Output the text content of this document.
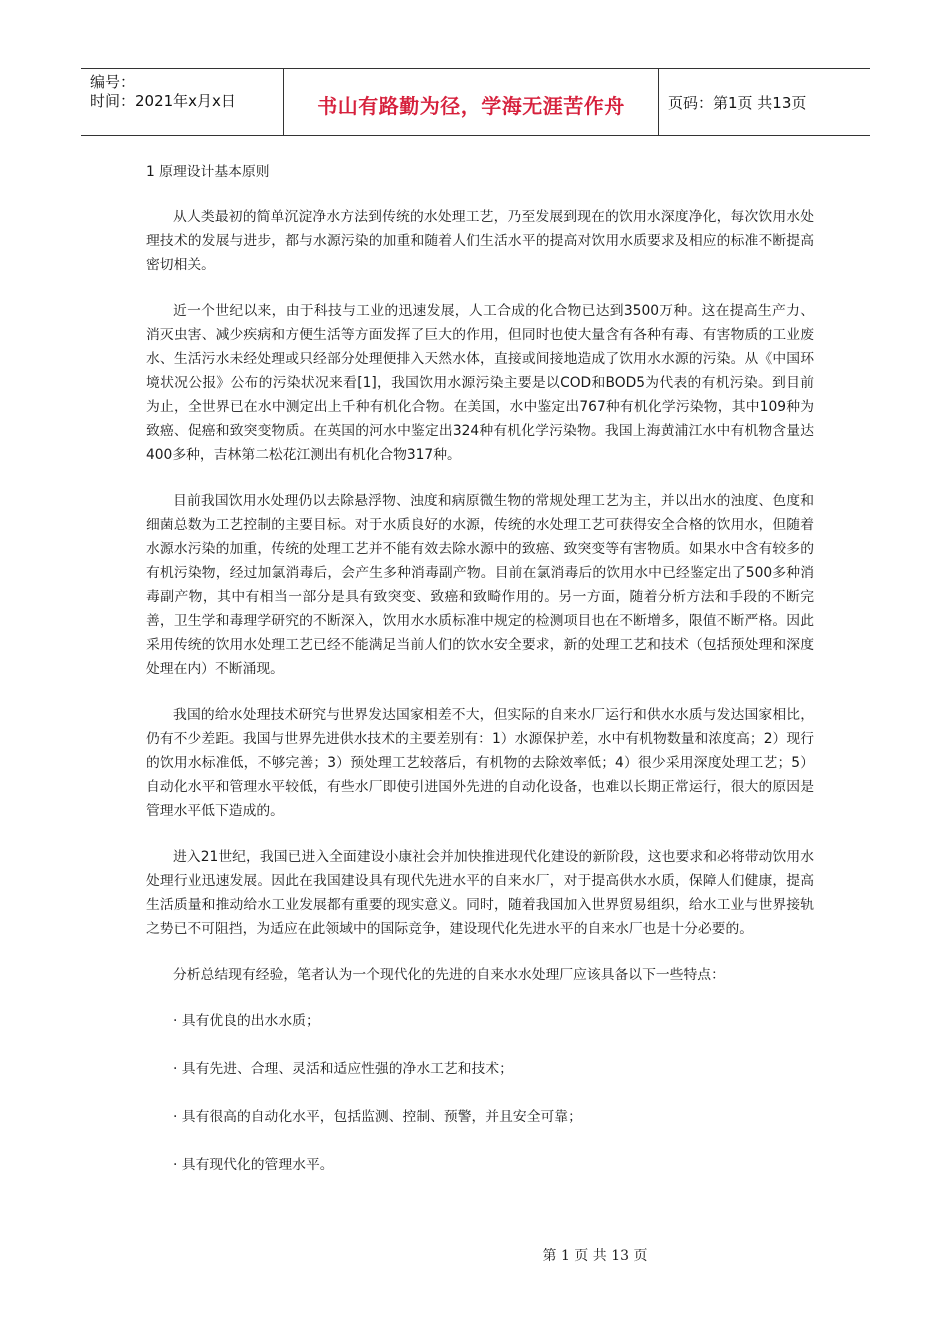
编号：
时间：2021年x月x日	书山有路勤为径，学海无涯苦作舟	页码：第1页 共13页

1 原理设计基本原则

从人类最初的简单沉淀净水方法到传统的水处理工艺，乃至发展到现在的饮用水深度净化，每次饮用水处理技术的发展与进步，都与水源污染的加重和随着人们生活水平的提高对饮用水质要求及相应的标准不断提高密切相关。

近一个世纪以来，由于科技与工业的迅速发展，人工合成的化合物已达到3500万种。这在提高生产力、消灭虫害、减少疾病和方便生活等方面发挥了巨大的作用，但同时也使大量含有各种有毒、有害物质的工业废水、生活污水未经处理或只经部分处理便排入天然水体，直接或间接地造成了饮用水水源的污染。从《中国环境状况公报》公布的污染状况来看[1]，我国饮用水源污染主要是以COD和BOD5为代表的有机污染。到目前为止，全世界已在水中测定出上千种有机化合物。在美国，水中鉴定出767种有机化学污染物，其中109种为致癌、促癌和致突变物质。在英国的河水中鉴定出324种有机化学污染物。我国上海黄浦江水中有机物含量达400多种，吉林第二松花江测出有机化合物317种。

目前我国饮用水处理仍以去除悬浮物、浊度和病原微生物的常规处理工艺为主，并以出水的浊度、色度和细菌总数为工艺控制的主要目标。对于水质良好的水源，传统的水处理工艺可获得安全合格的饮用水，但随着水源水污染的加重，传统的处理工艺并不能有效去除水源中的致癌、致突变等有害物质。如果水中含有较多的有机污染物，经过加氯消毒后，会产生多种消毒副产物。目前在氯消毒后的饮用水中已经鉴定出了500多种消毒副产物，其中有相当一部分是具有致突变、致癌和致畸作用的。另一方面，随着分析方法和手段的不断完善，卫生学和毒理学研究的不断深入，饮用水水质标准中规定的检测项目也在不断增多，限值不断严格。因此采用传统的饮用水处理工艺已经不能满足当前人们的饮水安全要求，新的处理工艺和技术（包括预处理和深度处理在内）不断涌现。

我国的给水处理技术研究与世界发达国家相差不大，但实际的自来水厂运行和供水水质与发达国家相比，仍有不少差距。我国与世界先进供水技术的主要差别有：1）水源保护差，水中有机物数量和浓度高；2）现行的饮用水标准低，不够完善；3）预处理工艺较落后，有机物的去除效率低；4）很少采用深度处理工艺；5）自动化水平和管理水平较低，有些水厂即使引进国外先进的自动化设备，也难以长期正常运行，很大的原因是管理水平低下造成的。

进入21世纪，我国已进入全面建设小康社会并加快推进现代化建设的新阶段，这也要求和必将带动饮用水处理行业迅速发展。因此在我国建设具有现代先进水平的自来水厂，对于提高供水水质，保障人们健康，提高生活质量和推动给水工业发展都有重要的现实意义。同时，随着我国加入世界贸易组织，给水工业与世界接轨之势已不可阻挡，为适应在此领域中的国际竞争，建设现代化先进水平的自来水厂也是十分必要的。

分析总结现有经验，笔者认为一个现代化的先进的自来水水处理厂应该具备以下一些特点：

· 具有优良的出水水质；

· 具有先进、合理、灵活和适应性强的净水工艺和技术；

· 具有很高的自动化水平，包括监测、控制、预警，并且安全可靠；

· 具有现代化的管理水平。

第 1 页 共 13 页
